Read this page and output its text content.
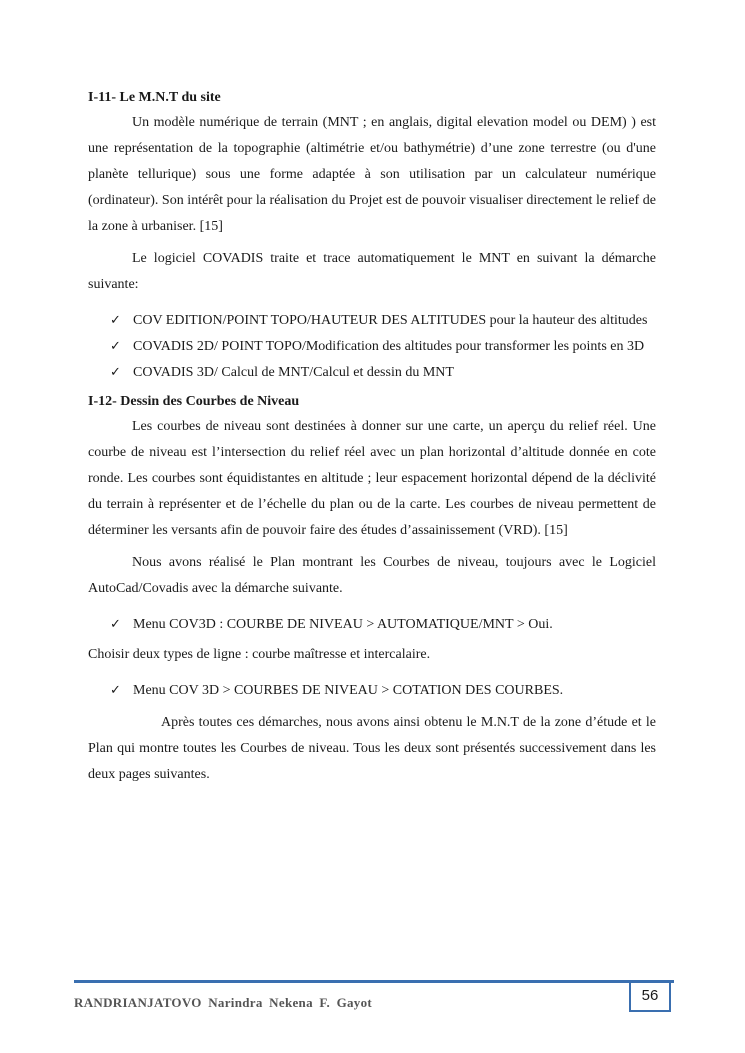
I-11- Le M.N.T du site

Un modèle numérique de terrain (MNT ; en anglais, digital elevation model ou DEM) ) est une représentation de la topographie (altimétrie et/ou bathymétrie) d’une zone terrestre (ou d'une planète tellurique) sous une forme adaptée à son utilisation par un calculateur numérique (ordinateur). Son intérêt pour la réalisation du Projet est de pouvoir visualiser directement le relief de la zone à urbaniser. [15]

Le logiciel COVADIS traite et trace automatiquement le MNT en suivant la démarche suivante:

✓ COV EDITION/POINT TOPO/HAUTEUR DES ALTITUDES pour la hauteur des altitudes
✓ COVADIS 2D/ POINT TOPO/Modification des altitudes pour transformer les points en 3D
✓ COVADIS 3D/ Calcul de MNT/Calcul et dessin du MNT

I-12- Dessin des Courbes de Niveau

Les courbes de niveau sont destinées à donner sur une carte, un aperçu du relief réel. Une courbe de niveau est l’intersection du relief réel avec un plan horizontal d’altitude donnée en cote ronde. Les courbes sont équidistantes en altitude ; leur espacement horizontal dépend de la déclivité du terrain à représenter et de l’échelle du plan ou de la carte. Les courbes de niveau permettent de déterminer les versants afin de pouvoir faire des études d’assainissement (VRD). [15]

Nous avons réalisé le Plan montrant les Courbes de niveau, toujours avec le Logiciel AutoCad/Covadis avec la démarche suivante.

✓ Menu COV3D : COURBE DE NIVEAU > AUTOMATIQUE/MNT > Oui.

Choisir deux types de ligne : courbe maîtresse et intercalaire.

✓ Menu COV 3D > COURBES DE NIVEAU > COTATION DES COURBES.

Après toutes ces démarches, nous avons ainsi obtenu le M.N.T de la zone d’étude et le Plan qui montre toutes les Courbes de niveau. Tous les deux sont présentés successivement dans les deux pages suivantes.

RANDRIANJATOVO Narindra Nekena F. Gayot	56
